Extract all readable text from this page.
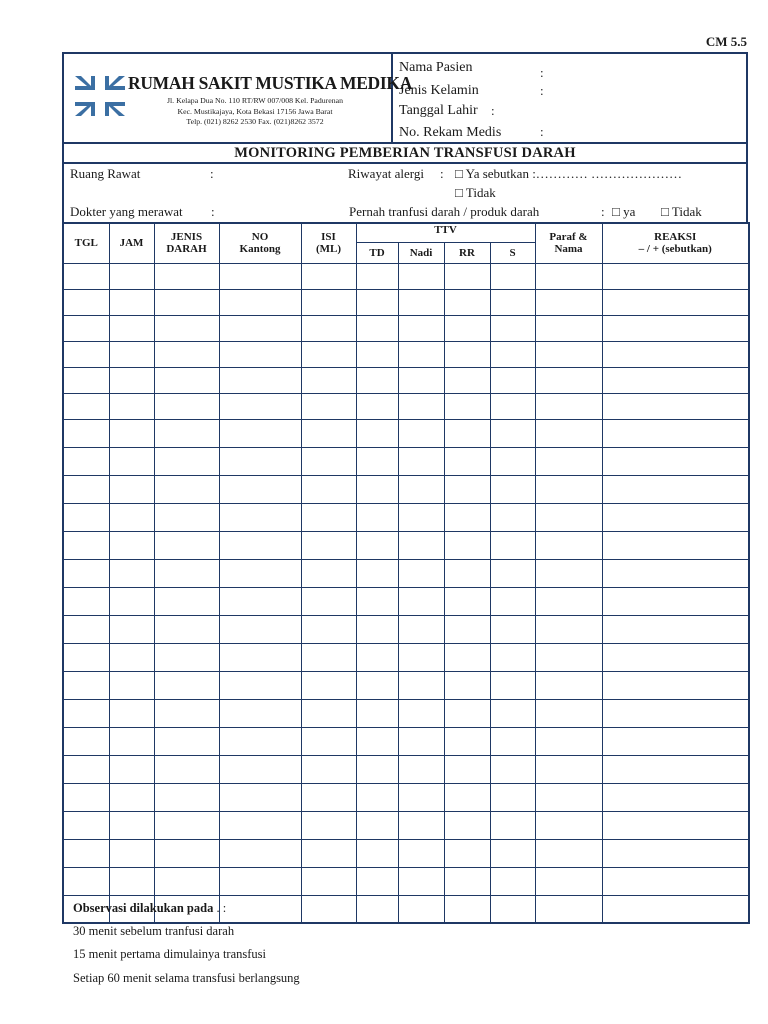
CM 5.5
RUMAH SAKIT MUSTIKA MEDIKA
Jl. Kelapa Dua No. 110 RT/RW 007/008 Kel. Padurenan
Kec. Mustikajaya, Kota Bekasi 17156 Jawa Barat
Telp. (021) 8262 2530 Fax. (021)8262 3572
Nama Pasien	:
Jenis Kelamin	:
Tanggal Lahir :
No. Rekam Medis	:
MONITORING PEMBERIAN TRANSFUSI DARAH
Ruang Rawat	:	Riwayat alergi : □ Ya sebutkan :………… …………………
□ Tidak
Dokter yang merawat :	Pernah tranfusi darah / produk darah	: □ ya □ Tidak
TGL	JAM	JENIS DARAH	NO Kantong	ISI (ML)	TTV				Paraf & Nama	REAKSI
– / + (sebutkan)

					TD	Nadi	RR	S		

Observasi dilakukan pada . :
30 menit sebelum tranfusi darah
15 menit pertama dimulainya transfusi
Setiap 60 menit selama transfusi berlangsung
